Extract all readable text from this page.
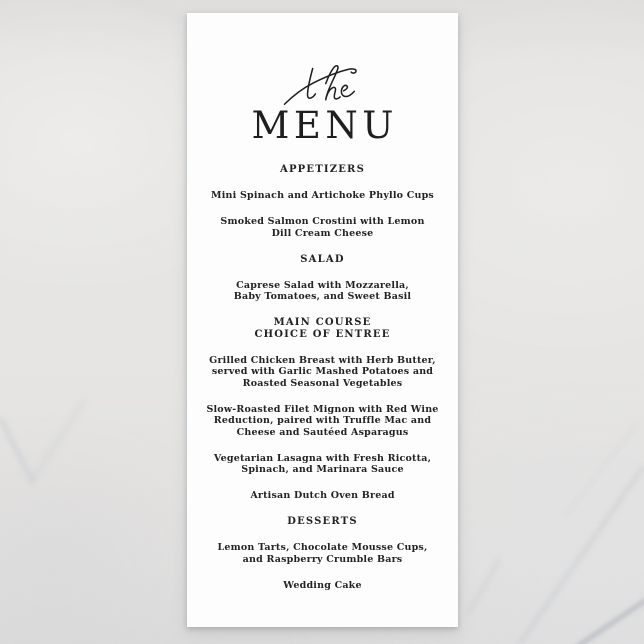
MENU

APPETIZERS

Mini Spinach and Artichoke Phyllo Cups

Smoked Salmon Crostini with Lemon
Dill Cream Cheese

SALAD

Caprese Salad with Mozzarella,
Baby Tomatoes, and Sweet Basil

MAIN COURSE
CHOICE OF ENTREE

Grilled Chicken Breast with Herb Butter,
served with Garlic Mashed Potatoes and
Roasted Seasonal Vegetables

Slow-Roasted Filet Mignon with Red Wine
Reduction, paired with Truffle Mac and
Cheese and Sautéed Asparagus

Vegetarian Lasagna with Fresh Ricotta,
Spinach, and Marinara Sauce

Artisan Dutch Oven Bread

DESSERTS

Lemon Tarts, Chocolate Mousse Cups,
and Raspberry Crumble Bars

Wedding Cake
